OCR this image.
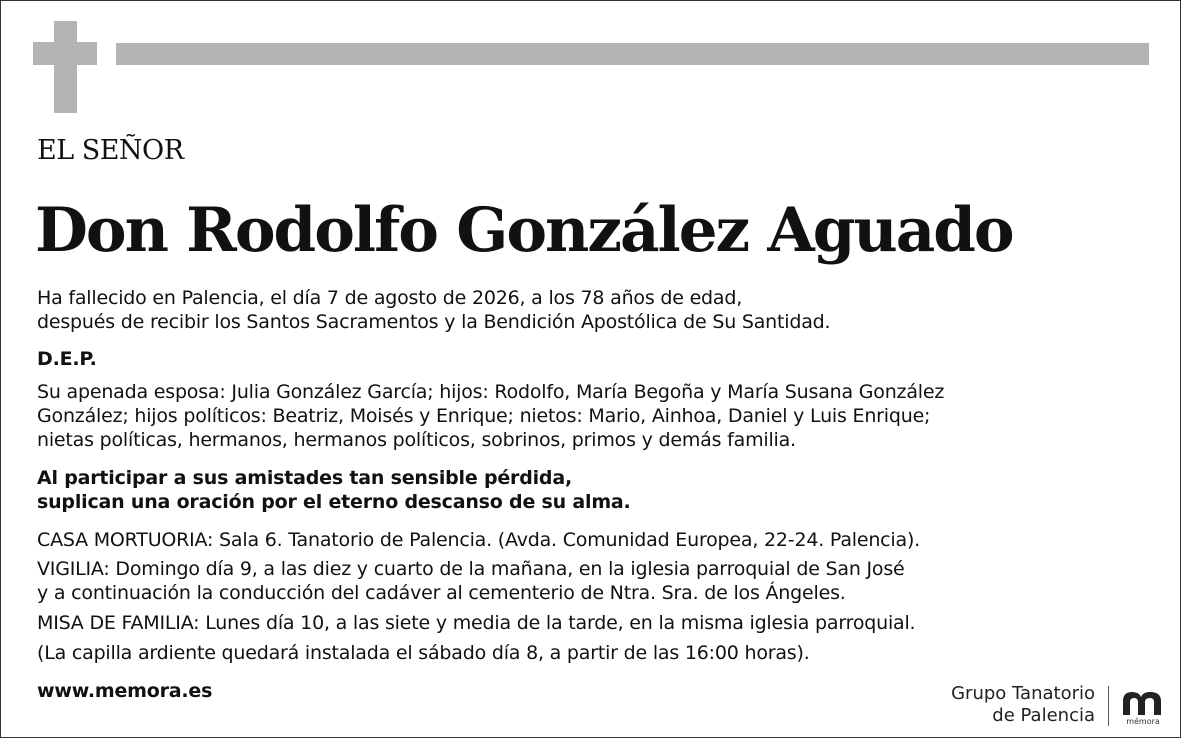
EL SEÑOR
Don Rodolfo González Aguado
Ha fallecido en Palencia, el día 7 de agosto de 2026, a los 78 años de edad,
después de recibir los Santos Sacramentos y la Bendición Apostólica de Su Santidad.
D.E.P.
Su apenada esposa: Julia González García; hijos: Rodolfo, María Begoña y María Susana González
González; hijos políticos: Beatriz, Moisés y Enrique; nietos: Mario, Ainhoa, Daniel y Luis Enrique;
nietas políticas, hermanos, hermanos políticos, sobrinos, primos y demás familia.
Al participar a sus amistades tan sensible pérdida,
suplican una oración por el eterno descanso de su alma.
CASA MORTUORIA: Sala 6. Tanatorio de Palencia. (Avda. Comunidad Europea, 22-24. Palencia).
VIGILIA: Domingo día 9, a las diez y cuarto de la mañana, en la iglesia parroquial de San José
y a continuación la conducción del cadáver al cementerio de Ntra. Sra. de los Ángeles.
MISA DE FAMILIA: Lunes día 10, a las siete y media de la tarde, en la misma iglesia parroquial.
(La capilla ardiente quedará instalada el sábado día 8, a partir de las 16:00 horas).
www.memora.es	Grupo Tanatorio
de Palencia	mémora
